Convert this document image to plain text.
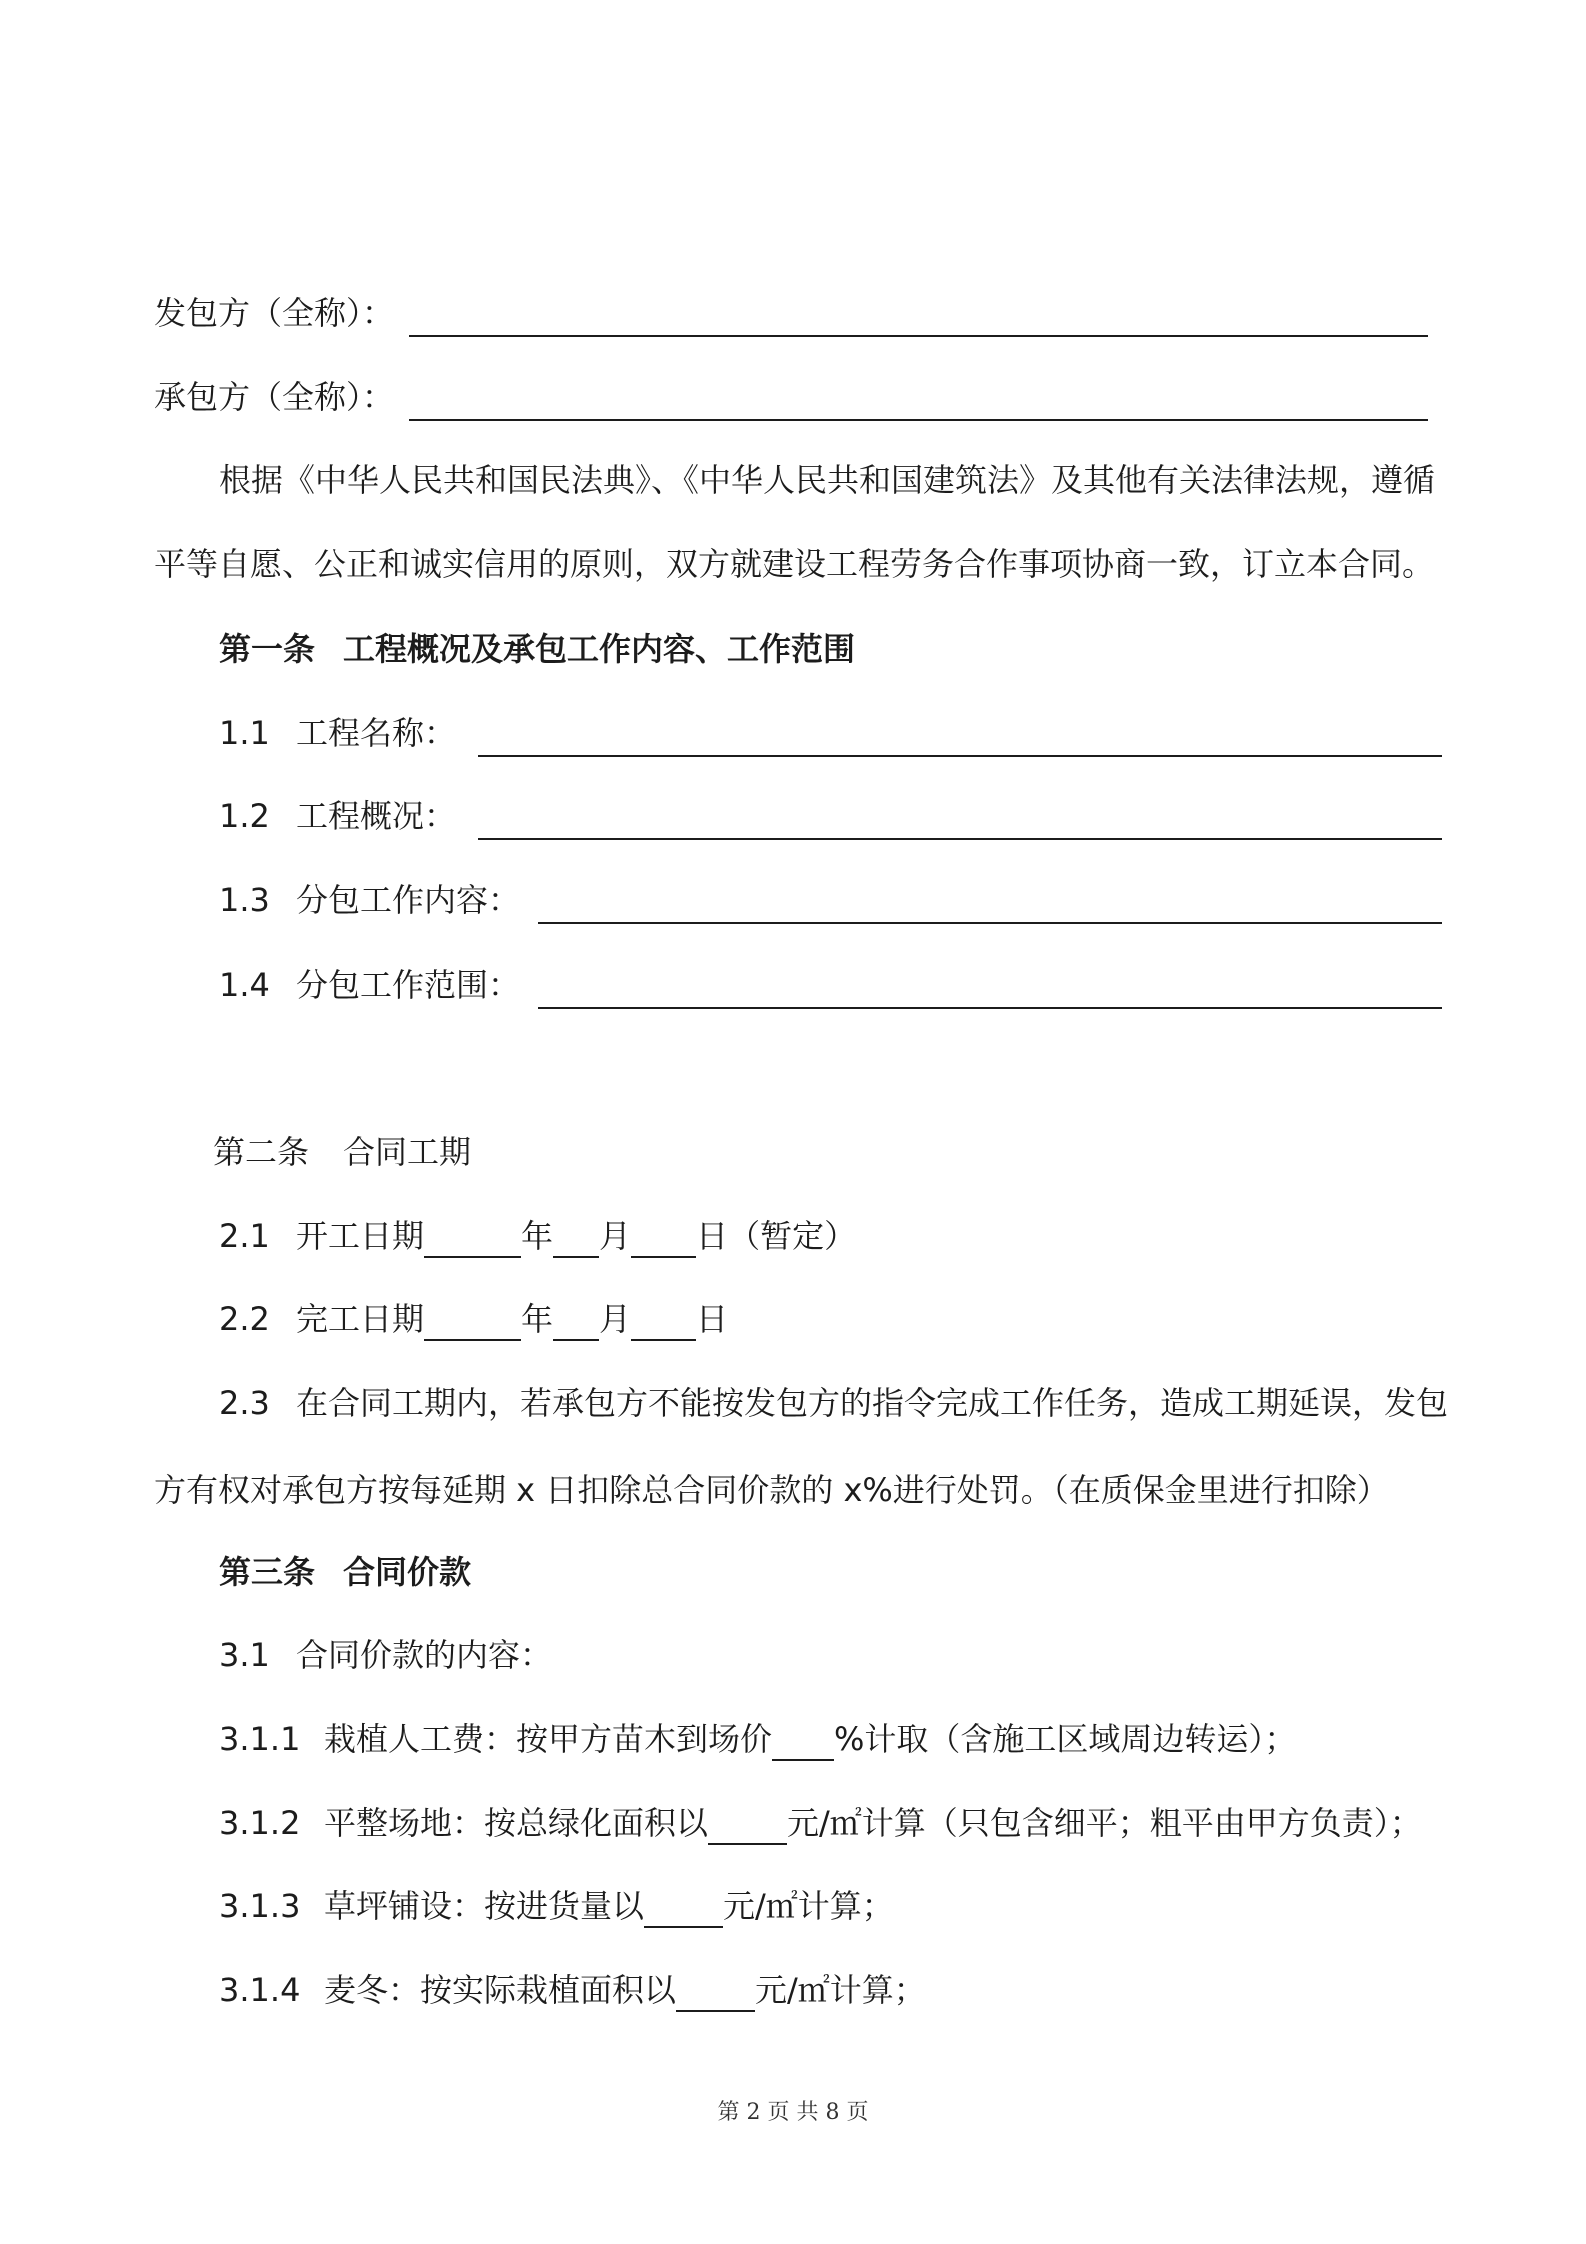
发包方（全称）：
承包方（全称）：
根据《中华人民共和国民法典》、《中华人民共和国建筑法》及其他有关法律法规，遵循
平等自愿、公正和诚实信用的原则，双方就建设工程劳务合作事项协商一致，订立本合同。
第一条 工程概况及承包工作内容、工作范围
1.1 工程名称：
1.2 工程概况：
1.3 分包工作内容：
1.4 分包工作范围：
第二条 合同工期
2.1 开工日期	年 月 日（暂定）
2.2 完工日期	年 月 日
2.3 在合同工期内，若承包方不能按发包方的指令完成工作任务，造成工期延误，发包
方有权对承包方按每延期 x 日扣除总合同价款的 x%进行处罚。（在质保金里进行扣除）
第三条 合同价款
3.1 合同价款的内容：
3.1.1 栽植人工费：按甲方苗木到场价 %计取（含施工区域周边转运）；
3.1.2 平整场地：按总绿化面积以 元/㎡计算（只包含细平；粗平由甲方负责）；
3.1.3 草坪铺设：按进货量以 元/㎡计算；
3.1.4 麦冬：按实际栽植面积以 元/㎡计算；
第 2 页 共 8 页
